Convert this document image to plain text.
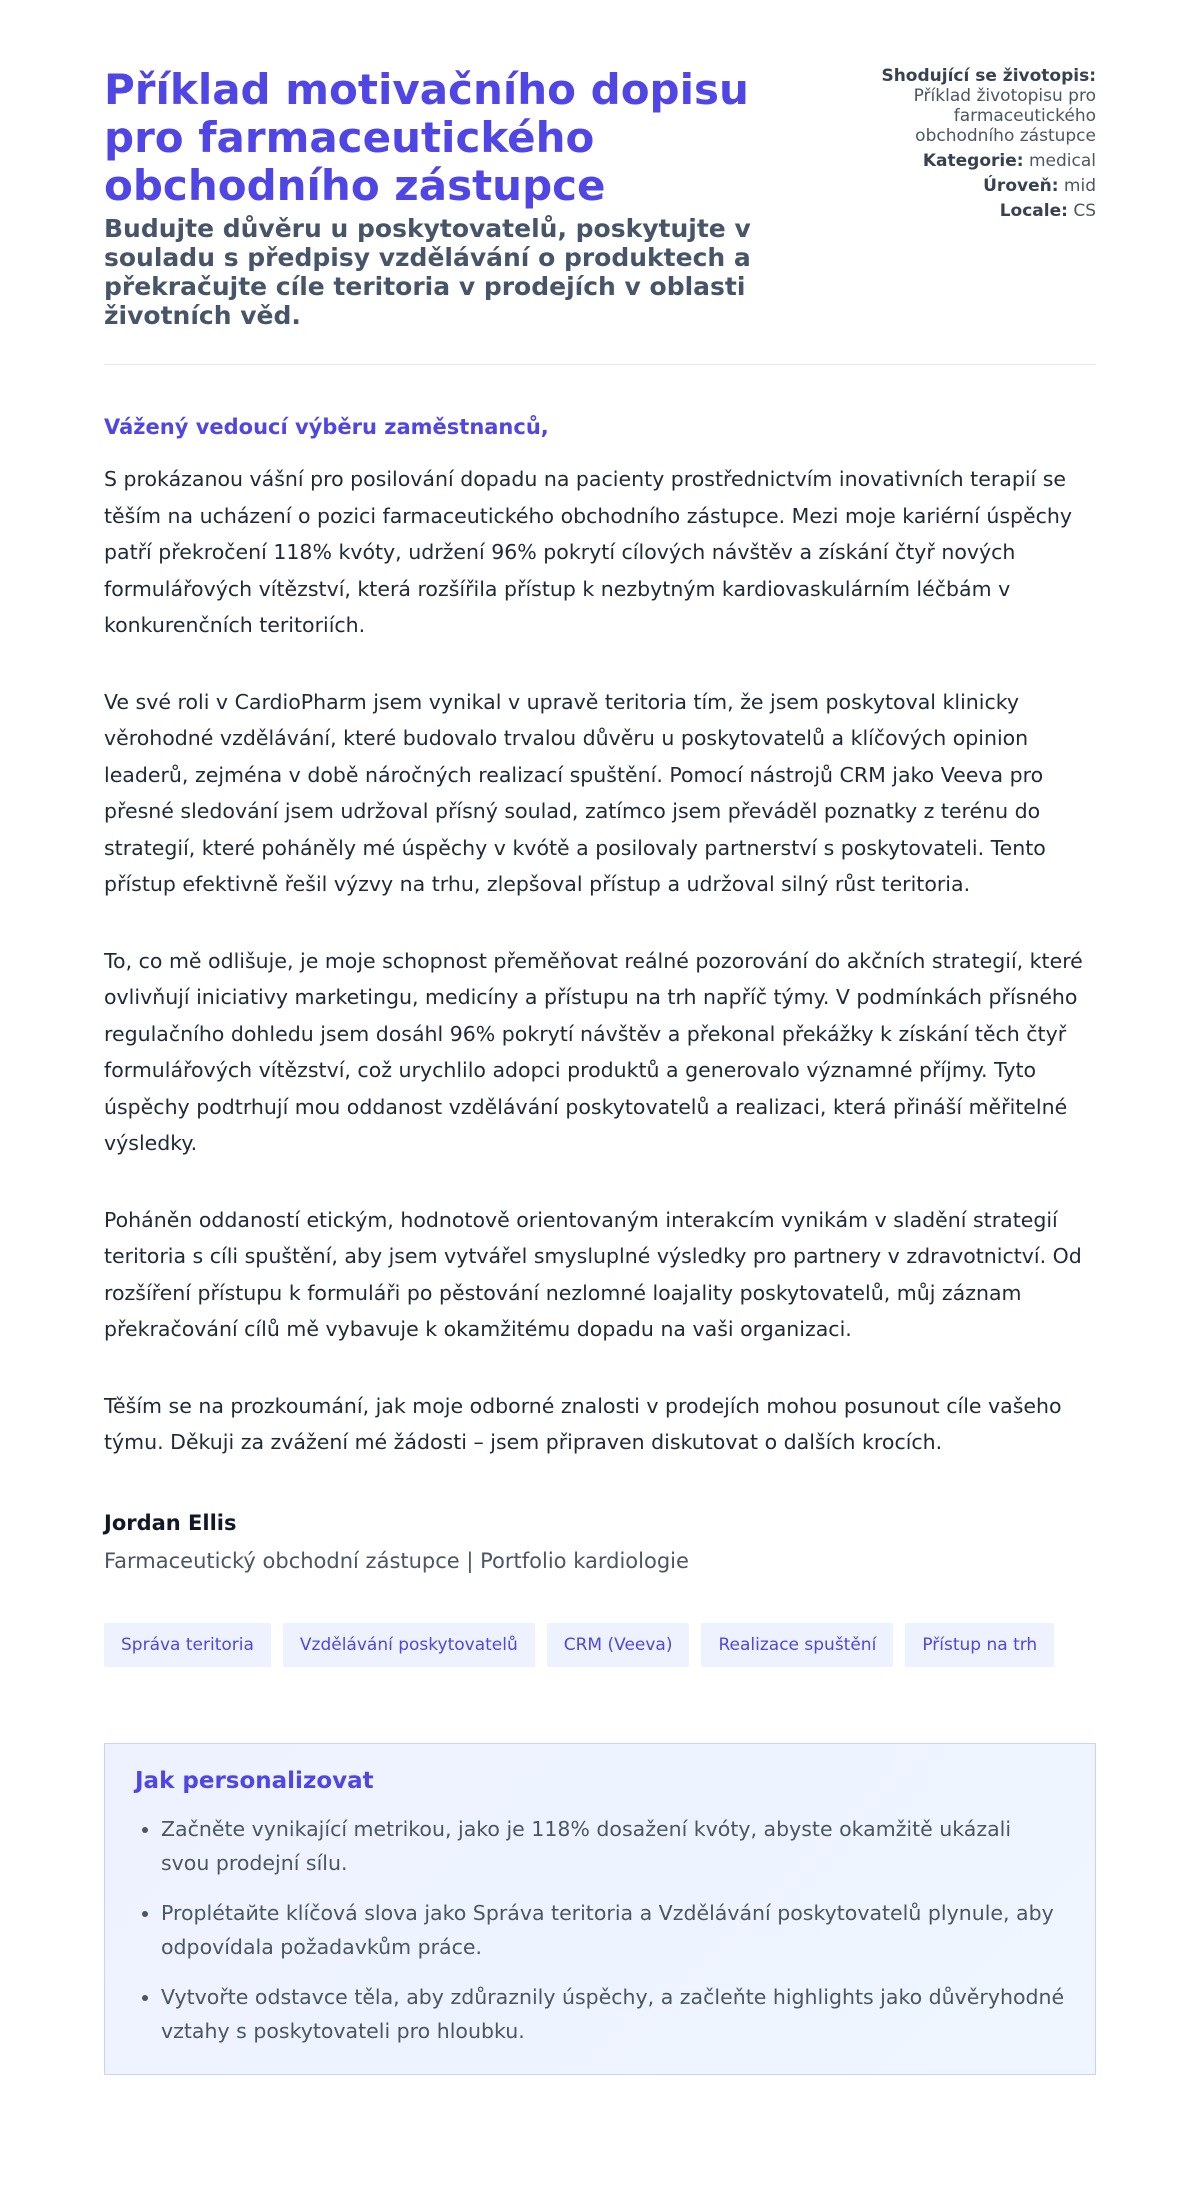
Příklad motivačního dopisu pro farmaceutického obchodního zástupce
Budujte důvěru u poskytovatelů, poskytujte v souladu s předpisy vzdělávání o produktech a překračujte cíle teritoria v prodejích v oblasti životních věd.
Shodující se životopis:
Příklad životopisu pro farmaceutického obchodního zástupce
Kategorie: medical
Úroveň: mid
Locale: CS
Vážený vedoucí výběru zaměstnanců,

S prokázanou vášní pro posilování dopadu na pacienty prostřednictvím inovativních terapií se těším na ucházení o pozici farmaceutického obchodního zástupce. Mezi moje kariérní úspěchy patří překročení 118% kvóty, udržení 96% pokrytí cílových návštěv a získání čtyř nových formulářových vítězství, která rozšířila přístup k nezbytným kardiovaskulárním léčbám v konkurenčních teritoriích.

Ve své roli v CardioPharm jsem vynikal v upravě teritoria tím, že jsem poskytoval klinicky věrohodné vzdělávání, které budovalo trvalou důvěru u poskytovatelů a klíčových opinion leaderů, zejména v době náročných realizací spuštění. Pomocí nástrojů CRM jako Veeva pro přesné sledování jsem udržoval přísný soulad, zatímco jsem převáděl poznatky z terénu do strategií, které poháněly mé úspěchy v kvótě a posilovaly partnerství s poskytovateli. Tento přístup efektivně řešil výzvy na trhu, zlepšoval přístup a udržoval silný růst teritoria.

To, co mě odlišuje, je moje schopnost přeměňovat reálné pozorování do akčních strategií, které ovlivňují iniciativy marketingu, medicíny a přístupu na trh napříč týmy. V podmínkách přísného regulačního dohledu jsem dosáhl 96% pokrytí návštěv a překonal překážky k získání těch čtyř formulářových vítězství, což urychlilo adopci produktů a generovalo významné příjmy. Tyto úspěchy podtrhují mou oddanost vzdělávání poskytovatelů a realizaci, která přináší měřitelné výsledky.

Poháněn oddaností etickým, hodnotově orientovaným interakcím vynikám v sladění strategií teritoria s cíli spuštění, aby jsem vytvářel smysluplné výsledky pro partnery v zdravotnictví. Od rozšíření přístupu k formuláři po pěstování nezlomné loajality poskytovatelů, můj záznam překračování cílů mě vybavuje k okamžitému dopadu na vaši organizaci.

Těším se na prozkoumání, jak moje odborné znalosti v prodejích mohou posunout cíle vašeho týmu. Děkuji za zvážení mé žádosti – jsem připraven diskutovat o dalších krocích.

Jordan Ellis
Farmaceutický obchodní zástupce | Portfolio kardiologie
Správa teritoria	Vzdělávání poskytovatelů	CRM (Veeva)	Realizace spuštění	Přístup na trh
Jak personalizovat
• Začněte vynikající metrikou, jako je 118% dosažení kvóty, abyste okamžitě ukázali svou prodejní sílu.
• Proplétaйte klíčová slova jako Správa teritoria a Vzdělávání poskytovatelů plynule, aby odpovídala požadavkům práce.
• Vytvořte odstavce těla, aby zdůraznily úspěchy, a začleňte highlights jako důvěryhodné vztahy s poskytovateli pro hloubku.
